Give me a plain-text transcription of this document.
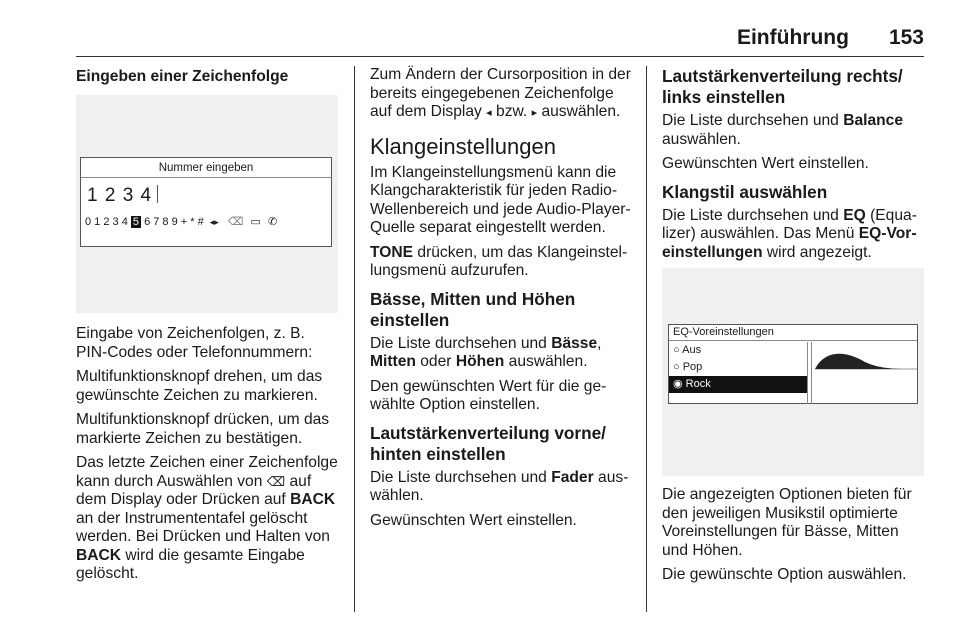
Einführung 153
Eingeben einer Zeichenfolge
Nummer eingeben
1 2 3 4
0 1 2 3 4 5 6 7 8 9 + * # ◂▸ ⌫ ▭ ✆

Eingabe von Zeichenfolgen, z. B. PIN-Codes oder Telefonnummern:

Multifunktionsknopf drehen, um das gewünschte Zeichen zu markieren.

Multifunktionsknopf drücken, um das markierte Zeichen zu bestätigen.

Das letzte Zeichen einer Zeichenfolge kann durch Auswählen von ⌫ auf dem Display oder Drücken auf BACK an der Instrumententafel gelöscht werden. Bei Drücken und Halten von BACK wird die gesamte Eingabe gelöscht.

Zum Ändern der Cursorposition in der bereits eingegebenen Zeichenfolge auf dem Display ◂ bzw. ▸ auswählen.

Klangeinstellungen

Im Klangeinstellungsmenü kann die Klangcharakteristik für jeden Radio-Wellenbereich und jede Audio-Player-Quelle separat eingestellt werden.

TONE drücken, um das Klangeinstellungsmenü aufzurufen.

Bässe, Mitten und Höhen einstellen

Die Liste durchsehen und Bässe, Mitten oder Höhen auswählen.

Den gewünschten Wert für die gewählte Option einstellen.

Lautstärkenverteilung vorne/ hinten einstellen

Die Liste durchsehen und Fader auswählen.

Gewünschten Wert einstellen.

Lautstärkenverteilung rechts/ links einstellen

Die Liste durchsehen und Balance auswählen.

Gewünschten Wert einstellen.

Klangstil auswählen

Die Liste durchsehen und EQ (Equalizer) auswählen. Das Menü EQ-Voreinstellungen wird angezeigt.

EQ-Voreinstellungen
○ Aus
○ Pop
◉ Rock

Die angezeigten Optionen bieten für den jeweiligen Musikstil optimierte Voreinstellungen für Bässe, Mitten und Höhen.

Die gewünschte Option auswählen.
